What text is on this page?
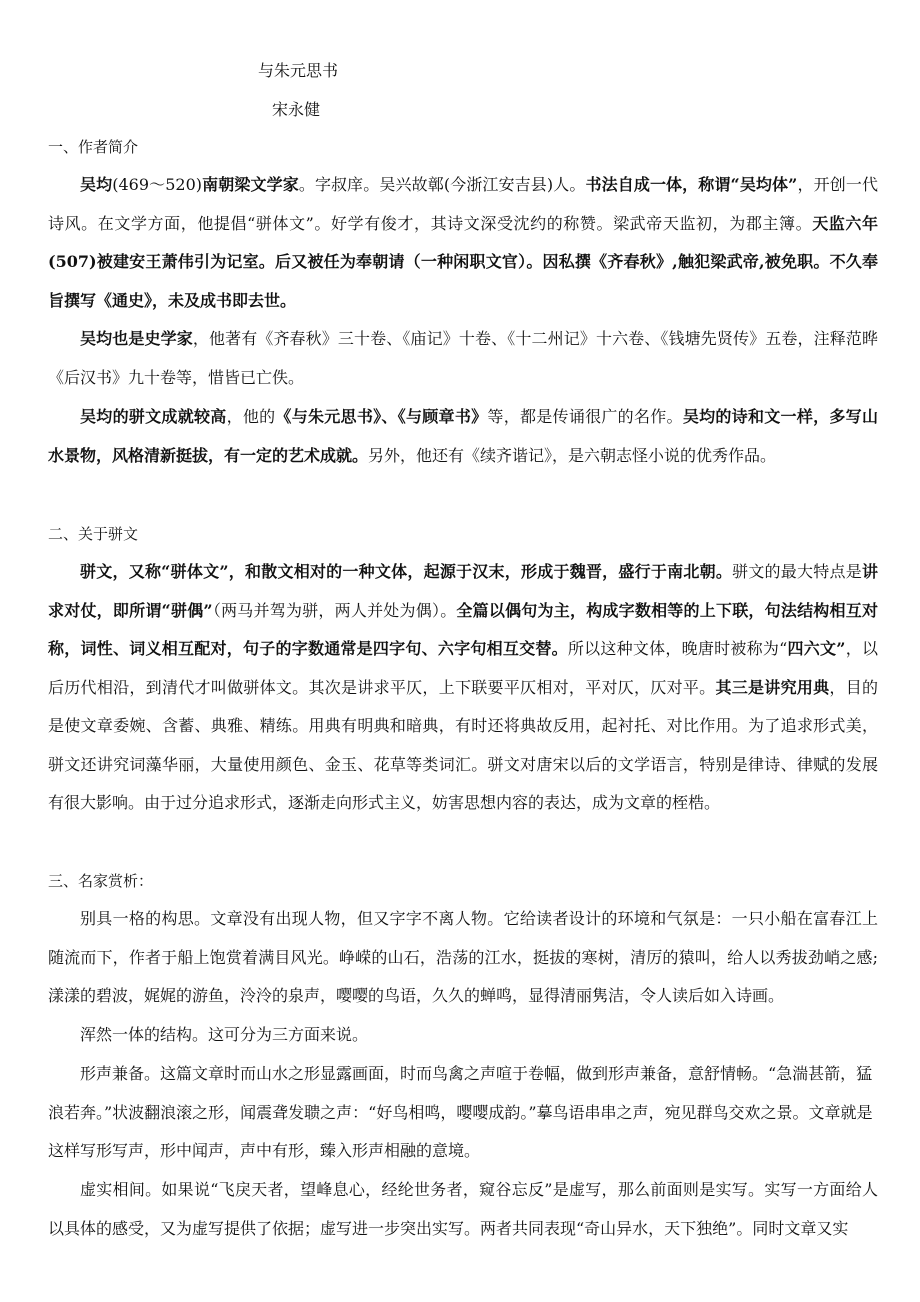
与朱元思书
宋永健
一、作者简介

吴均(469～520)南朝梁文学家。字叔庠。吴兴故鄣(今浙江安吉县)人。书法自成一体，称谓“吴均体”，开创一代诗风。在文学方面，他提倡“骈体文”。好学有俊才，其诗文深受沈约的称赞。梁武帝天监初，为郡主簿。天监六年 (507)被建安王萧伟引为记室。后又被任为奉朝请（一种闲职文官）。因私撰《齐春秋》,触犯梁武帝,被免职。不久奉旨撰写《通史》，未及成书即去世。

吴均也是史学家，他著有《齐春秋》三十卷、《庙记》十卷、《十二州记》十六卷、《钱塘先贤传》五卷，注释范晔《后汉书》九十卷等，惜皆已亡佚。

吴均的骈文成就较高，他的《与朱元思书》、《与顾章书》等，都是传诵很广的名作。吴均的诗和文一样，多写山水景物，风格清新挺拔，有一定的艺术成就。另外，他还有《续齐谐记》，是六朝志怪小说的优秀作品。

二、关于骈文

骈文，又称“骈体文”，和散文相对的一种文体，起源于汉末，形成于魏晋，盛行于南北朝。骈文的最大特点是讲求对仗，即所谓“骈偶”（两马并驾为骈，两人并处为偶）。全篇以偶句为主，构成字数相等的上下联，句法结构相互对称，词性、词义相互配对，句子的字数通常是四字句、六字句相互交替。所以这种文体，晚唐时被称为“四六文”，以后历代相沿，到清代才叫做骈体文。其次是讲求平仄，上下联要平仄相对，平对仄，仄对平。其三是讲究用典，目的是使文章委婉、含蓄、典雅、精练。用典有明典和暗典，有时还将典故反用，起衬托、对比作用。为了追求形式美，骈文还讲究词藻华丽，大量使用颜色、金玉、花草等类词汇。骈文对唐宋以后的文学语言，特别是律诗、律赋的发展有很大影响。由于过分追求形式，逐渐走向形式主义，妨害思想内容的表达，成为文章的桎梏。

三、名家赏析：

别具一格的构思。文章没有出现人物，但又字字不离人物。它给读者设计的环境和气氛是：一只小船在富春江上随流而下，作者于船上饱赏着满目风光。峥嵘的山石，浩荡的江水，挺拔的寒树，清厉的猿叫，给人以秀拔劲峭之感;漾漾的碧波，娓娓的游鱼，泠泠的泉声，嘤嘤的鸟语，久久的蝉鸣，显得清丽隽洁，令人读后如入诗画。

浑然一体的结构。这可分为三方面来说。

形声兼备。这篇文章时而山水之形显露画面，时而鸟禽之声喧于卷幅，做到形声兼备，意舒情畅。“急湍甚箭，猛浪若奔。”状波翻浪滚之形，闻震聋发聩之声：“好鸟相鸣，嘤嘤成韵。”摹鸟语串串之声，宛见群鸟交欢之景。文章就是这样写形写声，形中闻声，声中有形，臻入形声相融的意境。

虚实相间。如果说“飞戾天者，望峰息心，经纶世务者，窥谷忘反”是虚写，那么前面则是实写。实写一方面给人以具体的感受，又为虚写提供了依据；虚写进一步突出实写。两者共同表现“奇山异水，天下独绝”。同时文章又实
